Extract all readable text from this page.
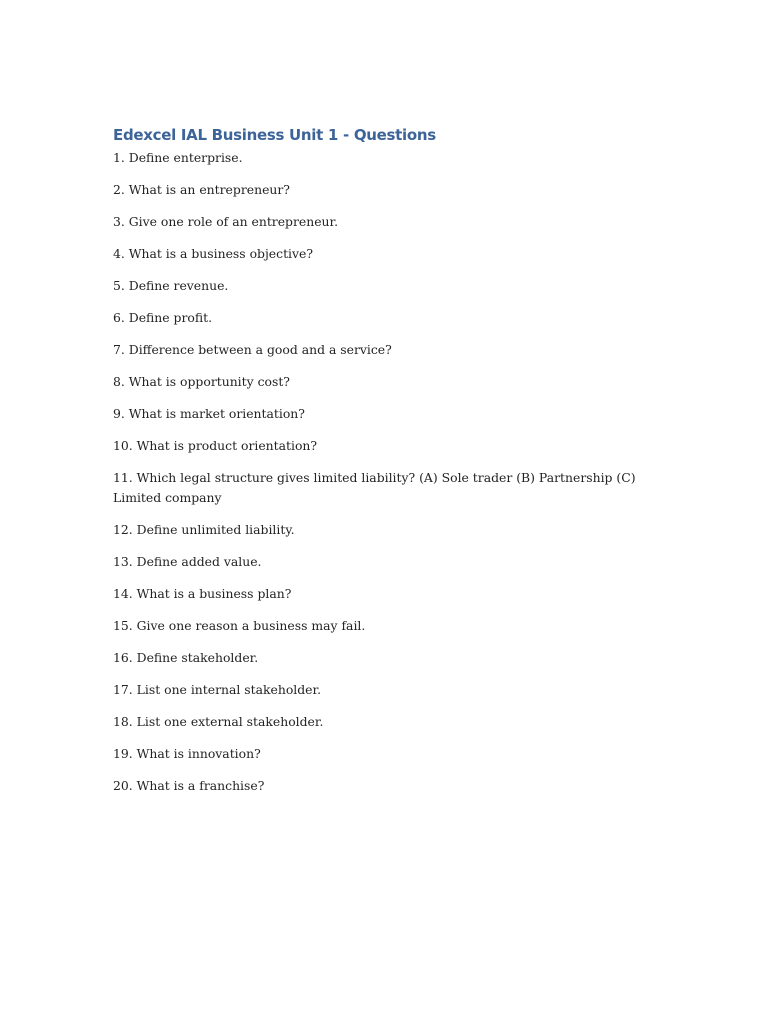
Edexcel IAL Business Unit 1 - Questions
1. Define enterprise.
2. What is an entrepreneur?
3. Give one role of an entrepreneur.
4. What is a business objective?
5. Define revenue.
6. Define profit.
7. Difference between a good and a service?
8. What is opportunity cost?
9. What is market orientation?
10. What is product orientation?
11. Which legal structure gives limited liability? (A) Sole trader (B) Partnership (C) Limited company
12. Define unlimited liability.
13. Define added value.
14. What is a business plan?
15. Give one reason a business may fail.
16. Define stakeholder.
17. List one internal stakeholder.
18. List one external stakeholder.
19. What is innovation?
20. What is a franchise?
